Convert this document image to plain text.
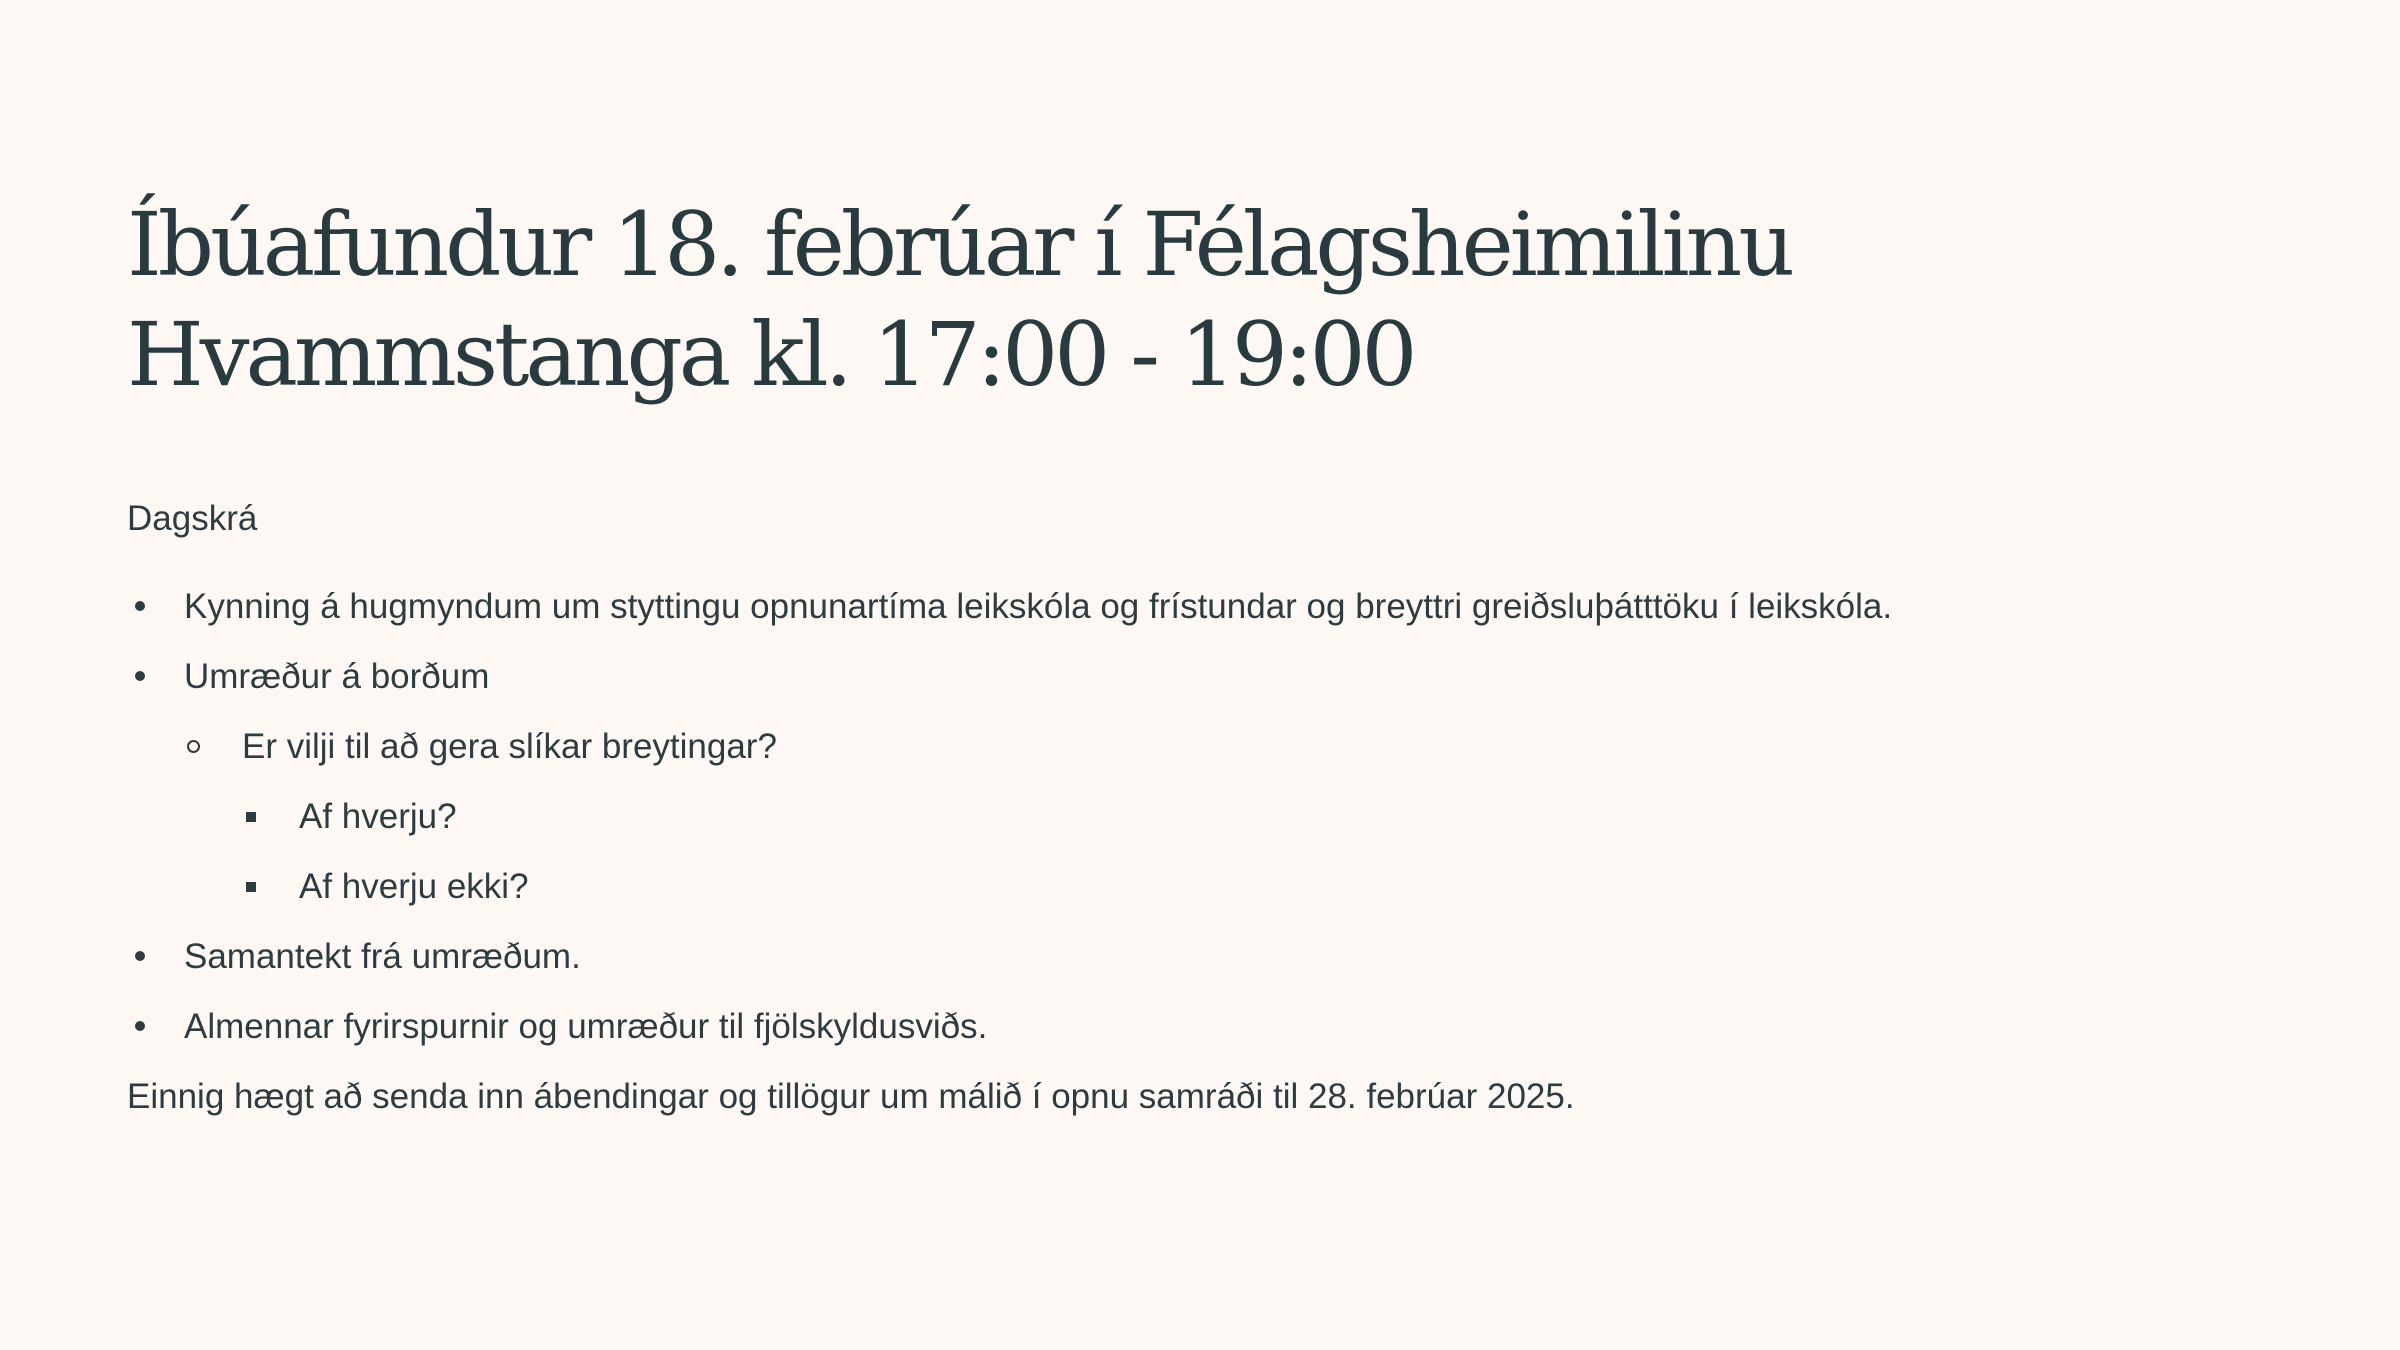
Íbúafundur 18. febrúar í Félagsheimilinu
Hvammstanga kl. 17:00 - 19:00
Dagskrá
Kynning á hugmyndum um styttingu opnunartíma leikskóla og frístundar og breyttri greiðsluþátttöku í leikskóla.
Umræður á borðum
Er vilji til að gera slíkar breytingar?
Af hverju?
Af hverju ekki?
Samantekt frá umræðum.
Almennar fyrirspurnir og umræður til fjölskyldusviðs.
Einnig hægt að senda inn ábendingar og tillögur um málið í opnu samráði til 28. febrúar 2025.
